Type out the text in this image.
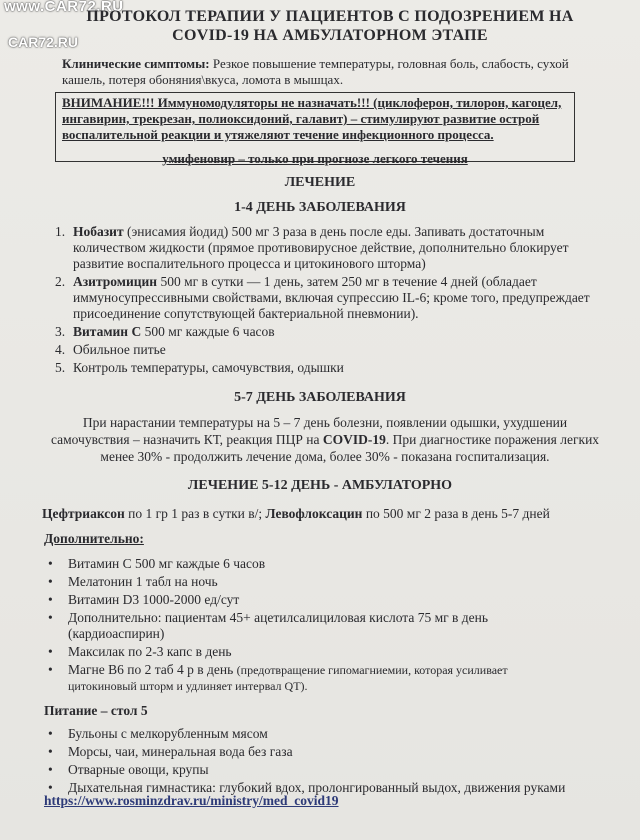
www.CAR72.RU
CAR72.RU
ПРОТОКОЛ ТЕРАПИИ У ПАЦИЕНТОВ С ПОДОЗРЕНИЕМ НА
COVID-19 НА АМБУЛАТОРНОМ ЭТАПЕ
Клинические симптомы: Резкое повышение температуры, головная боль, слабость, сухой кашель, потеря обоняния\вкуса, ломота в мышцах.
ВНИМАНИЕ!!! Иммуномодуляторы не назначать!!! (циклоферон, тилорон, кагоцел, ингавирин, трекрезан, полиоксидоний, галавит) – стимулируют развитие острой воспалительной реакции и утяжеляют течение инфекционного процесса.
умифеновир – только при прогнозе легкого течения
ЛЕЧЕНИЕ
1-4 ДЕНЬ ЗАБОЛЕВАНИЯ
1. Нобазит (энисамия йодид) 500 мг 3 раза в день после еды. Запивать достаточным количеством жидкости (прямое противовирусное действие, дополнительно блокирует развитие воспалительного процесса и цитокинового шторма)
2. Азитромицин 500 мг в сутки — 1 день, затем 250 мг в течение 4 дней (обладает иммуносупрессивными свойствами, включая супрессию IL-6; кроме того, предупреждает присоединение сопутствующей бактериальной пневмонии).
3. Витамин С 500 мг каждые 6 часов
4. Обильное питье
5. Контроль температуры, самочувствия, одышки
5-7 ДЕНЬ ЗАБОЛЕВАНИЯ
При нарастании температуры на 5 – 7 день болезни, появлении одышки, ухудшении самочувствия – назначить КТ, реакция ПЦР на COVID-19. При диагностике поражения легких менее 30% - продолжить лечение дома, более 30% - показана госпитализация.
ЛЕЧЕНИЕ 5-12 ДЕНЬ - АМБУЛАТОРНО
Цефтриаксон по 1 гр 1 раз в сутки в/; Левофлоксацин по 500 мг 2 раза в день 5-7 дней
Дополнительно:
• Витамин С 500 мг каждые 6 часов
• Мелатонин 1 табл на ночь
• Витамин D3 1000-2000 ед/сут
• Дополнительно: пациентам 45+ ацетилсалициловая кислота 75 мг в день (кардиоаспирин)
• Максилак по 2-3 капс в день
• Магне В6 по 2 таб 4 р в день (предотвращение гипомагниемии, которая усиливает цитокиновый шторм и удлиняет интервал QT).
Питание – стол 5
• Бульоны с мелкорубленным мясом
• Морсы, чаи, минеральная вода без газа
• Отварные овощи, крупы
• Дыхательная гимнастика: глубокий вдох, пролонгированный выдох, движения руками
https://www.rosminzdrav.ru/ministry/med_covid19
